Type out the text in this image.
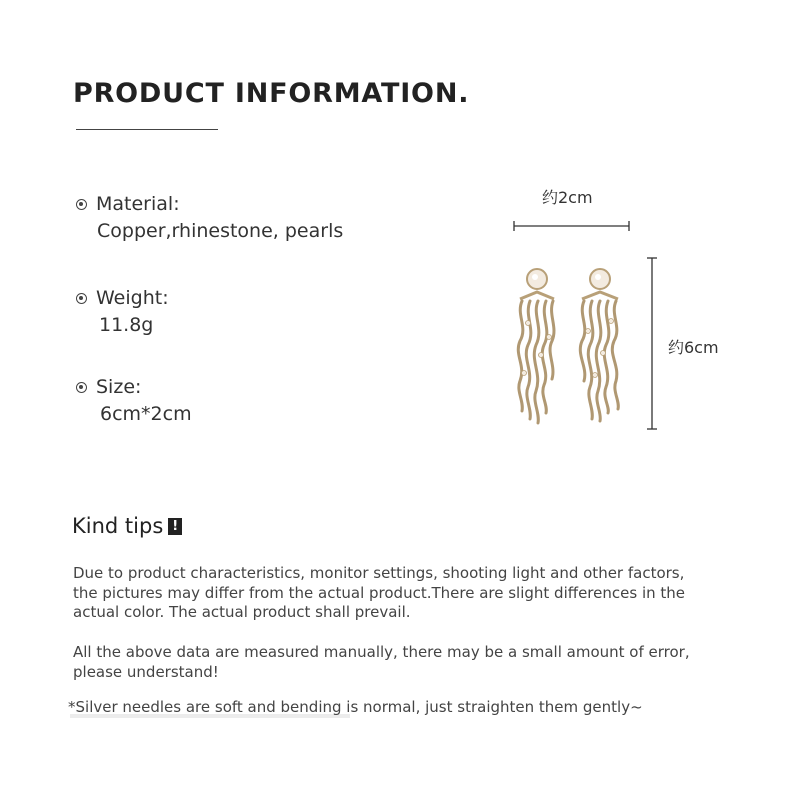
PRODUCT INFORMATION.
Material:
Copper,rhinestone, pearls
Weight:
11.8g
Size:
6cm*2cm
约2cm
约6cm
Kind tips !
Due to product characteristics, monitor settings, shooting light and other factors, the pictures may differ from the actual product.There are slight differences in the actual color. The actual product shall prevail.
All the above data are measured manually, there may be a small amount of error, please understand!
*Silver needles are soft and bending is normal, just straighten them gently~
